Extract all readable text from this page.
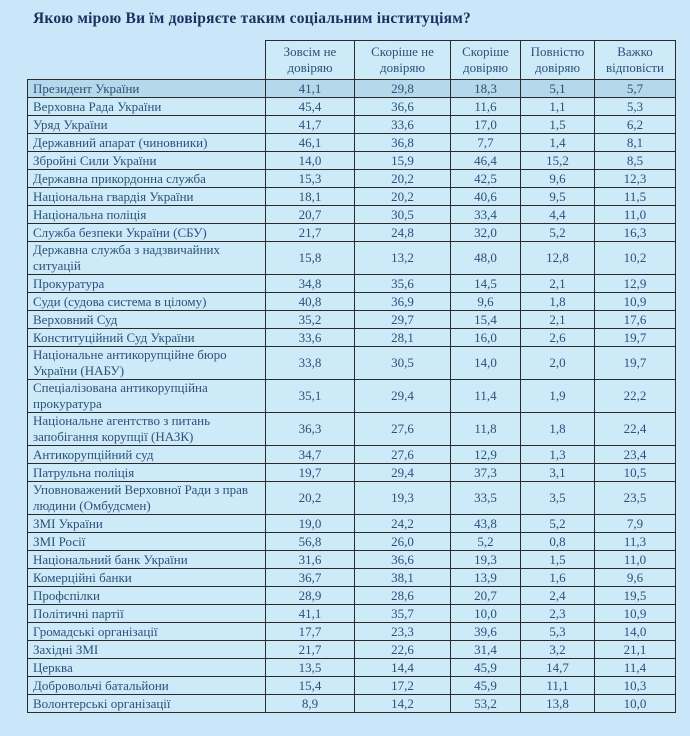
Якою мірою Ви їм довіряєте таким соціальним інституціям?
	Зовсім не довіряю	Скоріше не довіряю	Скоріше довіряю	Повністю довіряю	Важко відповісти
Президент України	41,1	29,8	18,3	5,1	5,7
Верховна Рада України	45,4	36,6	11,6	1,1	5,3
Уряд України	41,7	33,6	17,0	1,5	6,2
Державний апарат (чиновники)	46,1	36,8	7,7	1,4	8,1
Збройні Сили України	14,0	15,9	46,4	15,2	8,5
Державна прикордонна служба	15,3	20,2	42,5	9,6	12,3
Національна гвардія України	18,1	20,2	40,6	9,5	11,5
Національна поліція	20,7	30,5	33,4	4,4	11,0
Служба безпеки України (СБУ)	21,7	24,8	32,0	5,2	16,3
Державна служба з надзвичайних ситуацій	15,8	13,2	48,0	12,8	10,2
Прокуратура	34,8	35,6	14,5	2,1	12,9
Суди (судова система в цілому)	40,8	36,9	9,6	1,8	10,9
Верховний Суд	35,2	29,7	15,4	2,1	17,6
Конституційний Суд України	33,6	28,1	16,0	2,6	19,7
Національне антикорупційне бюро України (НАБУ)	33,8	30,5	14,0	2,0	19,7
Спеціалізована антикорупційна прокуратура	35,1	29,4	11,4	1,9	22,2
Національне агентство з питань запобігання корупції (НАЗК)	36,3	27,6	11,8	1,8	22,4
Антикорупційний суд	34,7	27,6	12,9	1,3	23,4
Патрульна поліція	19,7	29,4	37,3	3,1	10,5
Уповноважений Верховної Ради з прав людини (Омбудсмен)	20,2	19,3	33,5	3,5	23,5
ЗМІ України	19,0	24,2	43,8	5,2	7,9
ЗМІ Росії	56,8	26,0	5,2	0,8	11,3
Національний банк України	31,6	36,6	19,3	1,5	11,0
Комерційні банки	36,7	38,1	13,9	1,6	9,6
Профспілки	28,9	28,6	20,7	2,4	19,5
Політичні партії	41,1	35,7	10,0	2,3	10,9
Громадські організації	17,7	23,3	39,6	5,3	14,0
Західні ЗМІ	21,7	22,6	31,4	3,2	21,1
Церква	13,5	14,4	45,9	14,7	11,4
Добровольчі батальйони	15,4	17,2	45,9	11,1	10,3
Волонтерські організації	8,9	14,2	53,2	13,8	10,0
